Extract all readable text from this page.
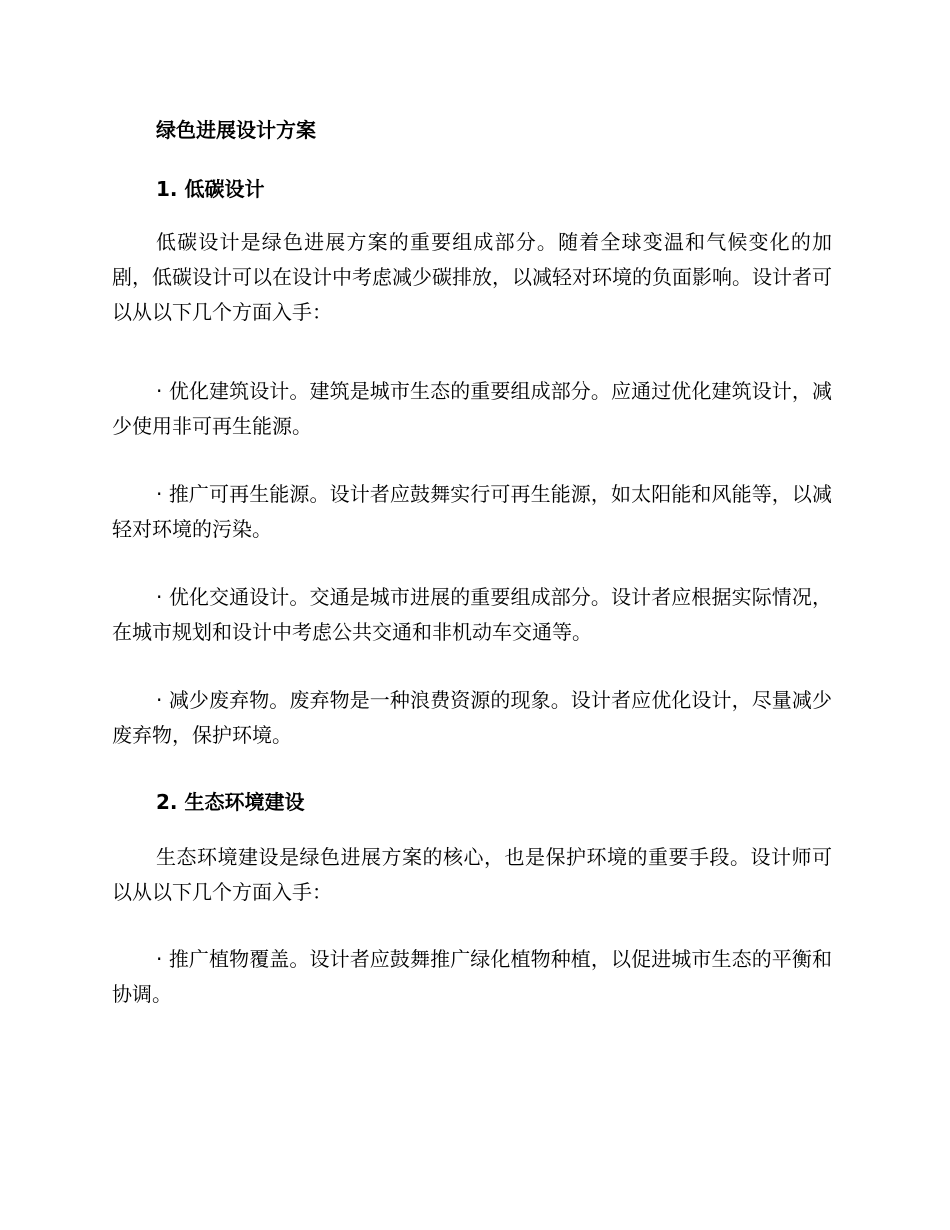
绿色进展设计方案
1. 低碳设计

低碳设计是绿色进展方案的重要组成部分。随着全球变温和气候变化的加剧，低碳设计可以在设计中考虑减少碳排放，以减轻对环境的负面影响。设计者可以从以下几个方面入手：

· 优化建筑设计。建筑是城市生态的重要组成部分。应通过优化建筑设计，减少使用非可再生能源。

· 推广可再生能源。设计者应鼓舞实行可再生能源，如太阳能和风能等，以减轻对环境的污染。

· 优化交通设计。交通是城市进展的重要组成部分。设计者应根据实际情况，在城市规划和设计中考虑公共交通和非机动车交通等。

· 减少废弃物。废弃物是一种浪费资源的现象。设计者应优化设计，尽量减少废弃物，保护环境。

2. 生态环境建设

生态环境建设是绿色进展方案的核心，也是保护环境的重要手段。设计师可以从以下几个方面入手：

· 推广植物覆盖。设计者应鼓舞推广绿化植物种植，以促进城市生态的平衡和协调。
